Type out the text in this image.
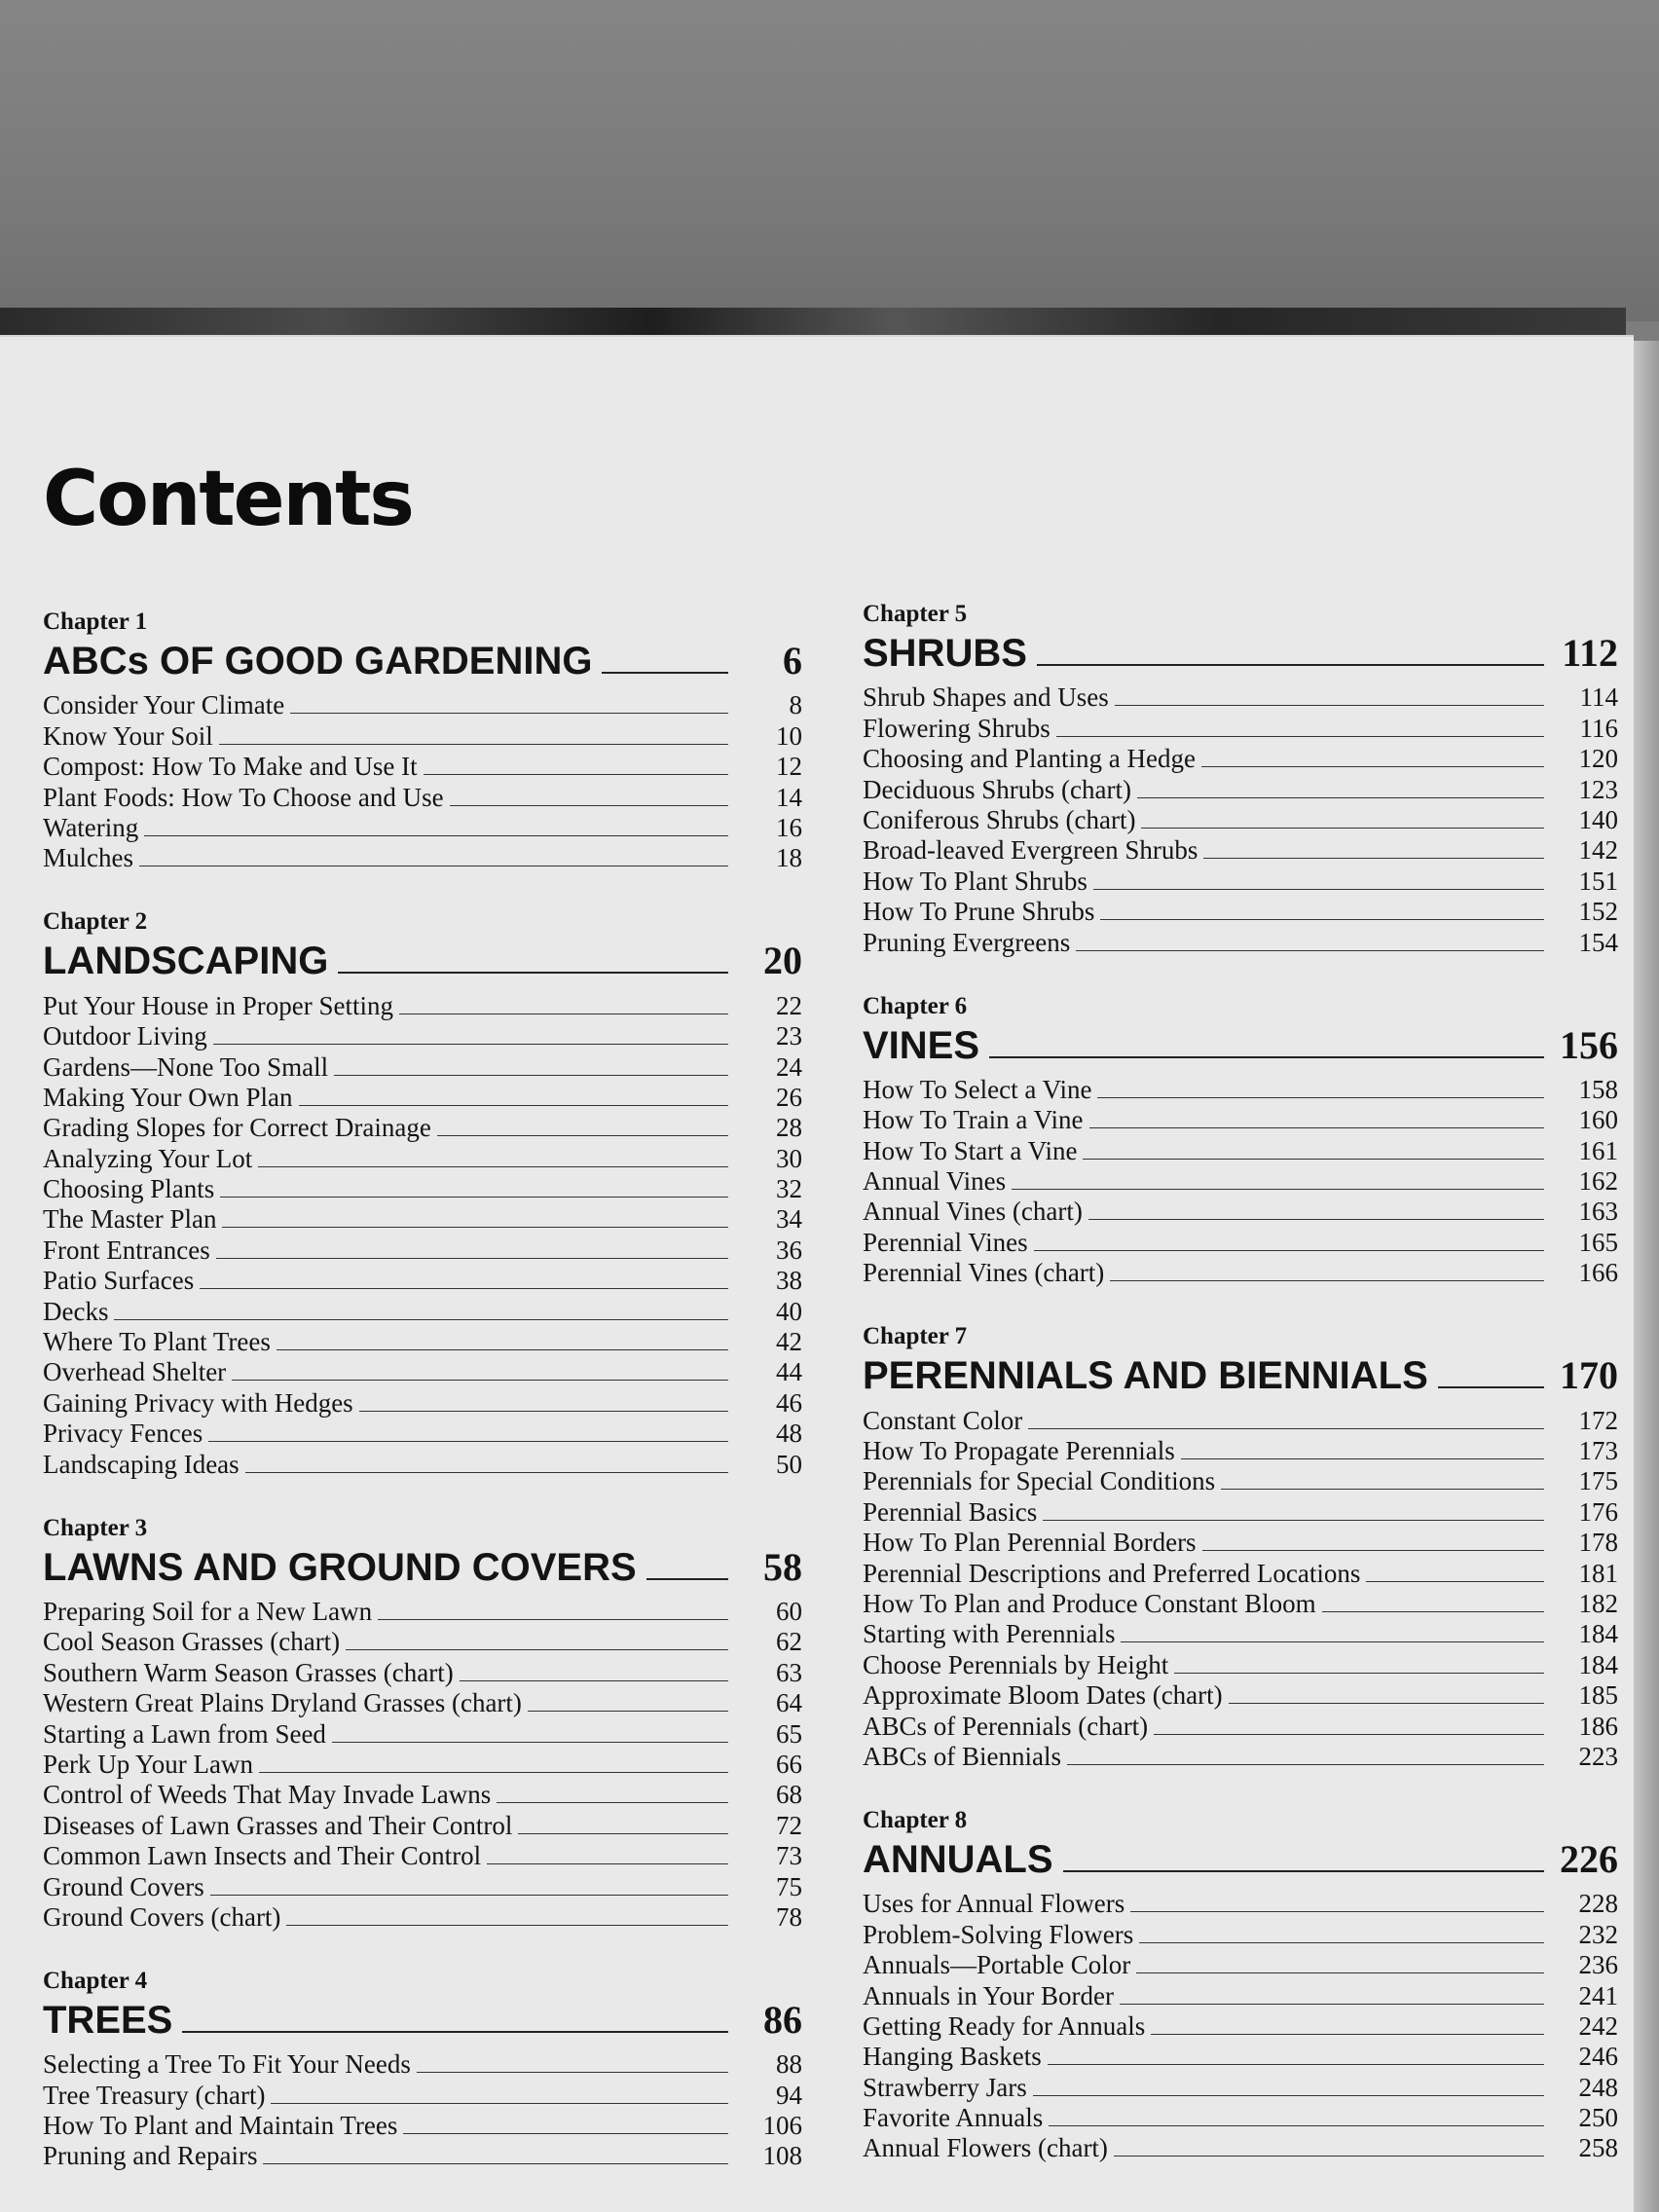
Contents
Chapter 1
ABCs OF GOOD GARDENING	6
Consider Your Climate	8
Know Your Soil	10
Compost: How To Make and Use It	12
Plant Foods: How To Choose and Use	14
Watering	16
Mulches	18
Chapter 2
LANDSCAPING	20
Put Your House in Proper Setting	22
Outdoor Living	23
Gardens—None Too Small	24
Making Your Own Plan	26
Grading Slopes for Correct Drainage	28
Analyzing Your Lot	30
Choosing Plants	32
The Master Plan	34
Front Entrances	36
Patio Surfaces	38
Decks	40
Where To Plant Trees	42
Overhead Shelter	44
Gaining Privacy with Hedges	46
Privacy Fences	48
Landscaping Ideas	50
Chapter 3
LAWNS AND GROUND COVERS	58
Preparing Soil for a New Lawn	60
Cool Season Grasses (chart)	62
Southern Warm Season Grasses (chart)	63
Western Great Plains Dryland Grasses (chart)	64
Starting a Lawn from Seed	65
Perk Up Your Lawn	66
Control of Weeds That May Invade Lawns	68
Diseases of Lawn Grasses and Their Control	72
Common Lawn Insects and Their Control	73
Ground Covers	75
Ground Covers (chart)	78
Chapter 4
TREES	86
Selecting a Tree To Fit Your Needs	88
Tree Treasury (chart)	94
How To Plant and Maintain Trees	106
Pruning and Repairs	108
Chapter 5
SHRUBS	112
Shrub Shapes and Uses	114
Flowering Shrubs	116
Choosing and Planting a Hedge	120
Deciduous Shrubs (chart)	123
Coniferous Shrubs (chart)	140
Broad-leaved Evergreen Shrubs	142
How To Plant Shrubs	151
How To Prune Shrubs	152
Pruning Evergreens	154
Chapter 6
VINES	156
How To Select a Vine	158
How To Train a Vine	160
How To Start a Vine	161
Annual Vines	162
Annual Vines (chart)	163
Perennial Vines	165
Perennial Vines (chart)	166
Chapter 7
PERENNIALS AND BIENNIALS	170
Constant Color	172
How To Propagate Perennials	173
Perennials for Special Conditions	175
Perennial Basics	176
How To Plan Perennial Borders	178
Perennial Descriptions and Preferred Locations	181
How To Plan and Produce Constant Bloom	182
Starting with Perennials	184
Choose Perennials by Height	184
Approximate Bloom Dates (chart)	185
ABCs of Perennials (chart)	186
ABCs of Biennials	223
Chapter 8
ANNUALS	226
Uses for Annual Flowers	228
Problem-Solving Flowers	232
Annuals—Portable Color	236
Annuals in Your Border	241
Getting Ready for Annuals	242
Hanging Baskets	246
Strawberry Jars	248
Favorite Annuals	250
Annual Flowers (chart)	258
